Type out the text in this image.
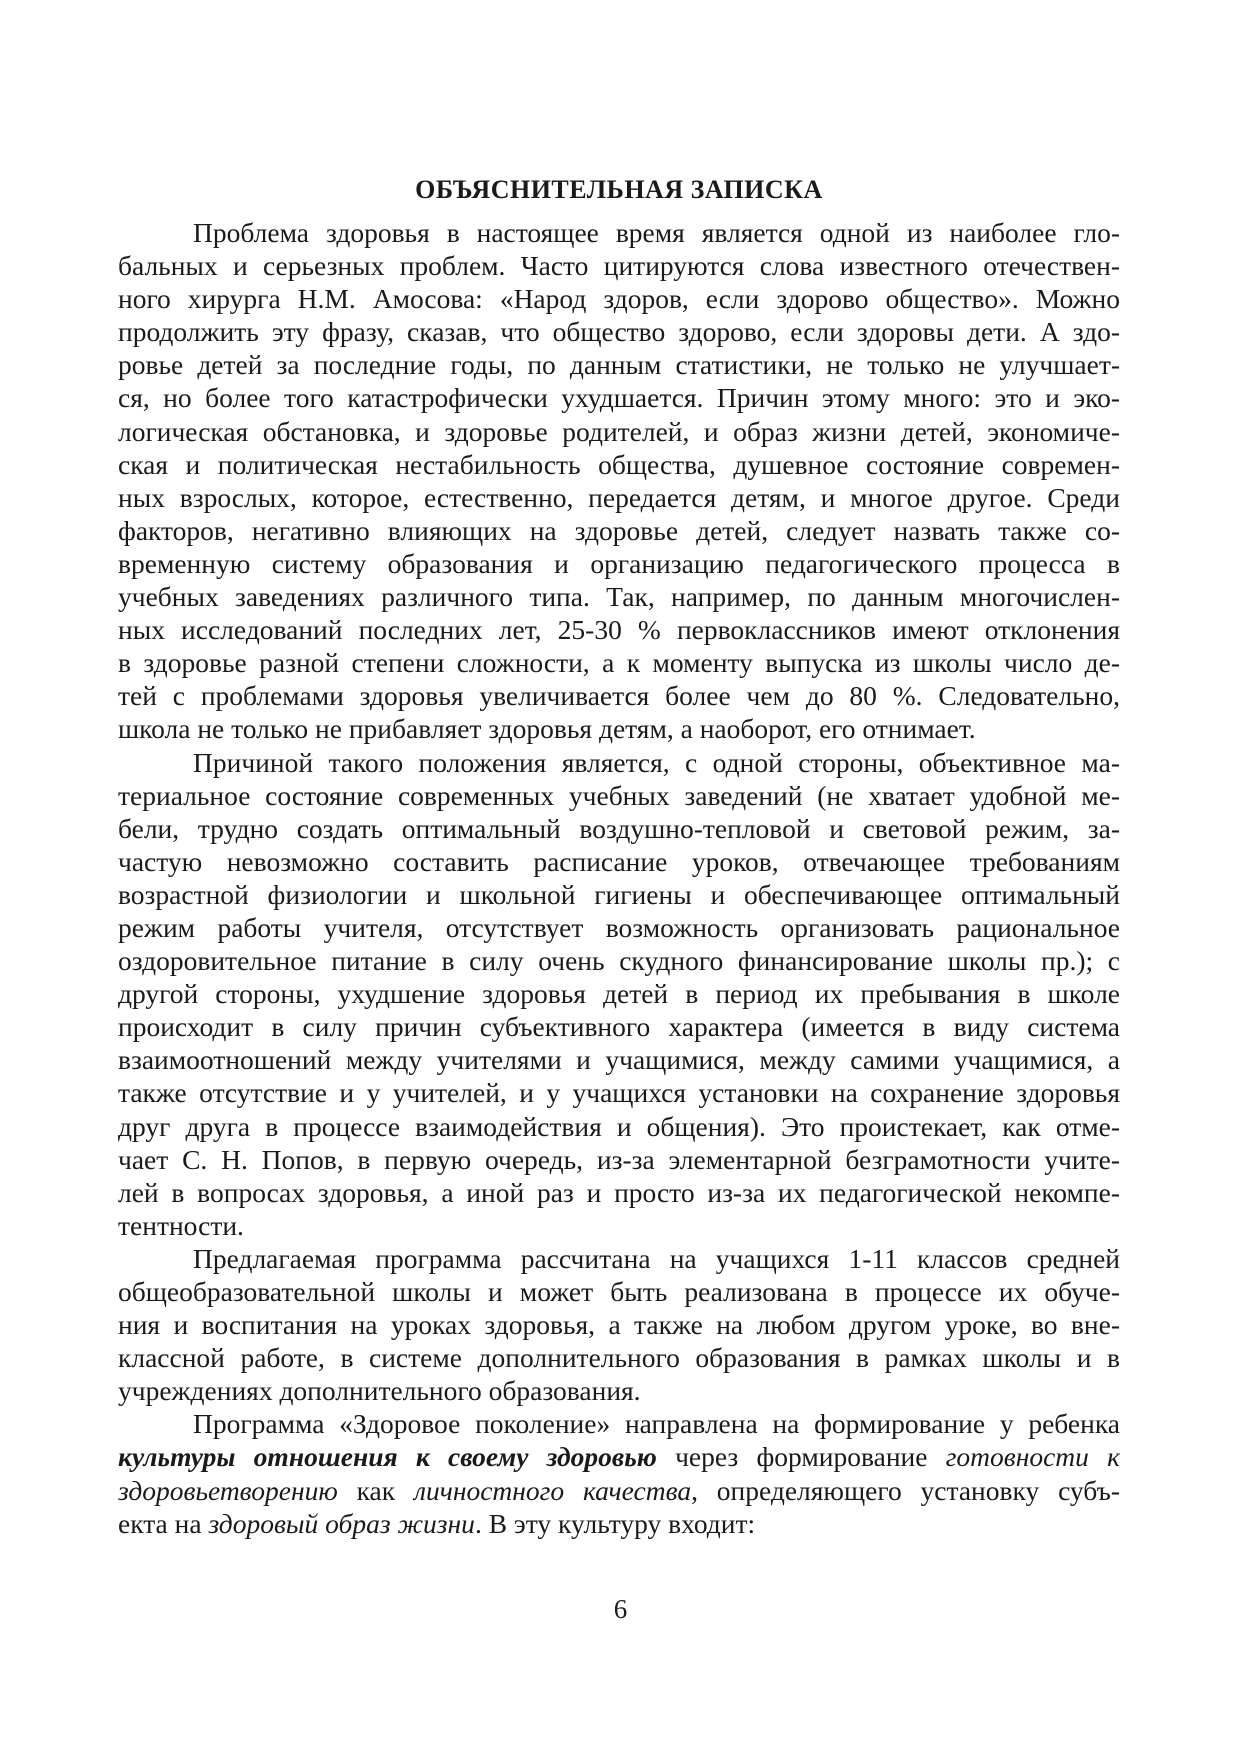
ОБЪЯСНИТЕЛЬНАЯ ЗАПИСКА
Проблема здоровья в настоящее время является одной из наиболее гло-
бальных и серьезных проблем. Часто цитируются слова известного отечествен-
ного хирурга Н.М. Амосова: «Народ здоров, если здорово общество». Можно
продолжить эту фразу, сказав, что общество здорово, если здоровы дети. А здо-
ровье детей за последние годы, по данным статистики, не только не улучшает-
ся, но более того катастрофически ухудшается. Причин этому много: это и эко-
логическая обстановка, и здоровье родителей, и образ жизни детей, экономиче-
ская и политическая нестабильность общества, душевное состояние современ-
ных взрослых, которое, естественно, передается детям, и многое другое. Среди
факторов, негативно влияющих на здоровье детей, следует назвать также со-
временную систему образования и организацию педагогического процесса в
учебных заведениях различного типа. Так, например, по данным многочислен-
ных исследований последних лет, 25-30 % первоклассников имеют отклонения
в здоровье разной степени сложности, а к моменту выпуска из школы число де-
тей с проблемами здоровья увеличивается более чем до 80 %. Следовательно,
школа не только не прибавляет здоровья детям, а наоборот, его отнимает.
Причиной такого положения является, с одной стороны, объективное ма-
териальное состояние современных учебных заведений (не хватает удобной ме-
бели, трудно создать оптимальный воздушно-тепловой и световой режим, за-
частую невозможно составить расписание уроков, отвечающее требованиям
возрастной физиологии и школьной гигиены и обеспечивающее оптимальный
режим работы учителя, отсутствует возможность организовать рациональное
оздоровительное питание в силу очень скудного финансирование школы пр.); с
другой стороны, ухудшение здоровья детей в период их пребывания в школе
происходит в силу причин субъективного характера (имеется в виду система
взаимоотношений между учителями и учащимися, между самими учащимися, а
также отсутствие и у учителей, и у учащихся установки на сохранение здоровья
друг друга в процессе взаимодействия и общения). Это проистекает, как отме-
чает С. Н. Попов, в первую очередь, из-за элементарной безграмотности учите-
лей в вопросах здоровья, а иной раз и просто из-за их педагогической некомпе-
тентности.
Предлагаемая программа рассчитана на учащихся 1-11 классов средней
общеобразовательной школы и может быть реализована в процессе их обуче-
ния и воспитания на уроках здоровья, а также на любом другом уроке, во вне-
классной работе, в системе дополнительного образования в рамках школы и в
учреждениях дополнительного образования.
Программа «Здоровое поколение» направлена на формирование у ребенка
культуры отношения к своему здоровью через формирование готовности к
здоровьетворению как личностного качества, определяющего установку субъ-
екта на здоровый образ жизни. В эту культуру входит:
6
